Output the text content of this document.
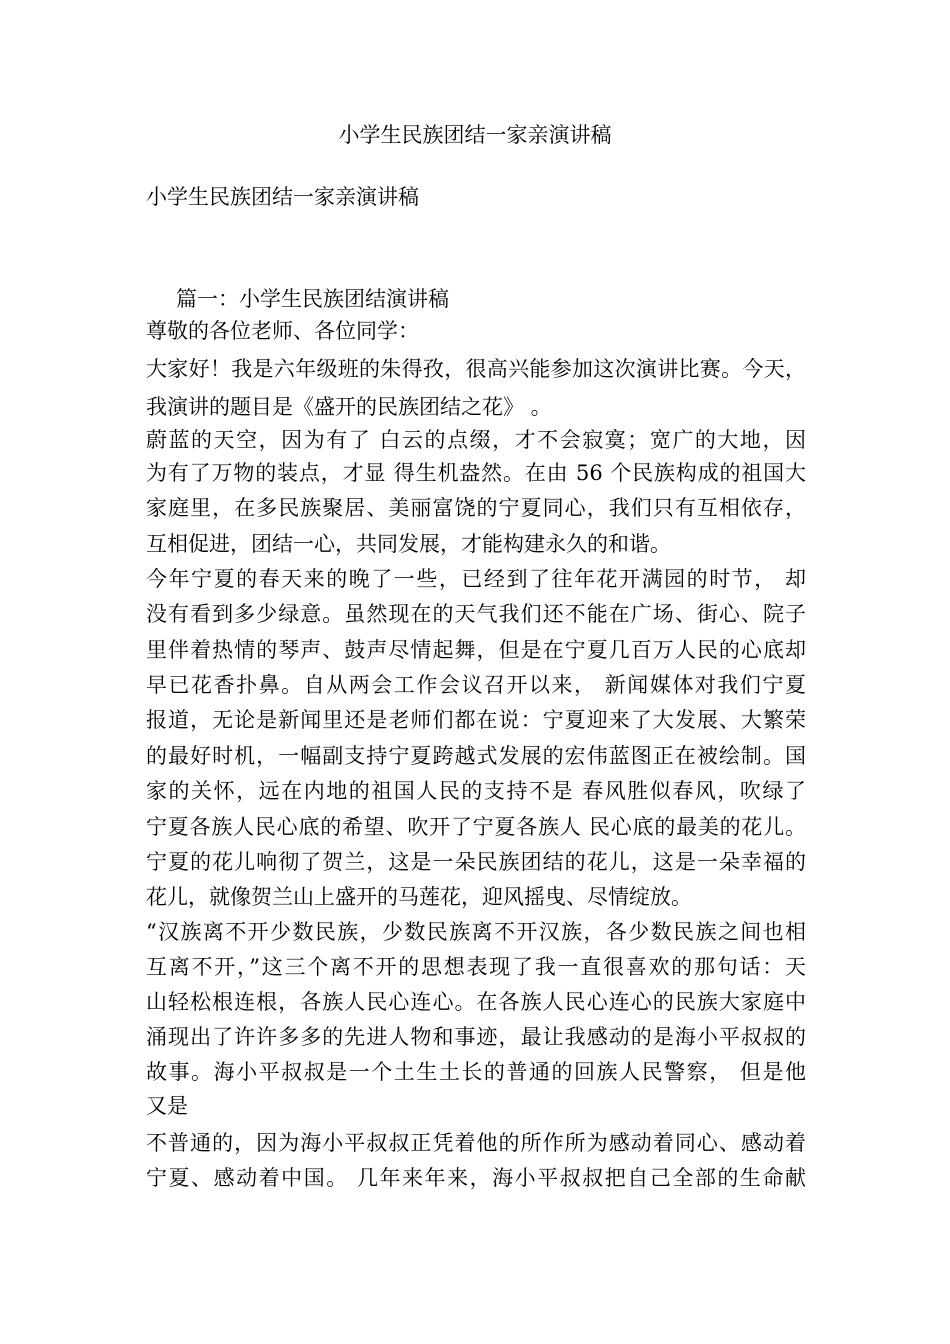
小学生民族团结一家亲演讲稿
小学生民族团结一家亲演讲稿
篇一：小学生民族团结演讲稿
尊敬的各位老师、各位同学：
大家好！我是六年级班的朱得孜，很高兴能参加这次演讲比赛。今天，
我演讲的题目是《盛开的民族团结之花》 。
蔚蓝的天空，因为有了 白云的点缀，才不会寂寞；宽广的大地，因
为有了万物的装点，才显 得生机盎然。在由 56 个民族构成的祖国大
家庭里，在多民族聚居、美丽富饶的宁夏同心，我们只有互相依存，
互相促进，团结一心，共同发展，才能构建永久的和谐。
今年宁夏的春天来的晚了一些，已经到了往年花开满园的时节， 却
没有看到多少绿意。虽然现在的天气我们还不能在广场、街心、院子
里伴着热情的琴声、鼓声尽情起舞，但是在宁夏几百万人民的心底却
早已花香扑鼻。自从两会工作会议召开以来， 新闻媒体对我们宁夏
报道，无论是新闻里还是老师们都在说：宁夏迎来了大发展、大繁荣
的最好时机，一幅副支持宁夏跨越式发展的宏伟蓝图正在被绘制。国
家的关怀，远在内地的祖国人民的支持不是 春风胜似春风，吹绿了
宁夏各族人民心底的希望、吹开了宁夏各族人 民心底的最美的花儿。
宁夏的花儿响彻了贺兰，这是一朵民族团结的花儿，这是一朵幸福的
花儿，就像贺兰山上盛开的马莲花，迎风摇曳、尽情绽放。
“汉族离不开少数民族，少数民族离不开汉族，各少数民族之间也相
互离不开，”这三个离不开的思想表现了我一直很喜欢的那句话：天
山轻松根连根，各族人民心连心。在各族人民心连心的民族大家庭中
涌现出了许许多多的先进人物和事迹，最让我感动的是海小平叔叔的
故事。海小平叔叔是一个土生土长的普通的回族人民警察， 但是他
又是
不普通的，因为海小平叔叔正凭着他的所作所为感动着同心、感动着
宁夏、感动着中国。 几年来年来，海小平叔叔把自己全部的生命献
